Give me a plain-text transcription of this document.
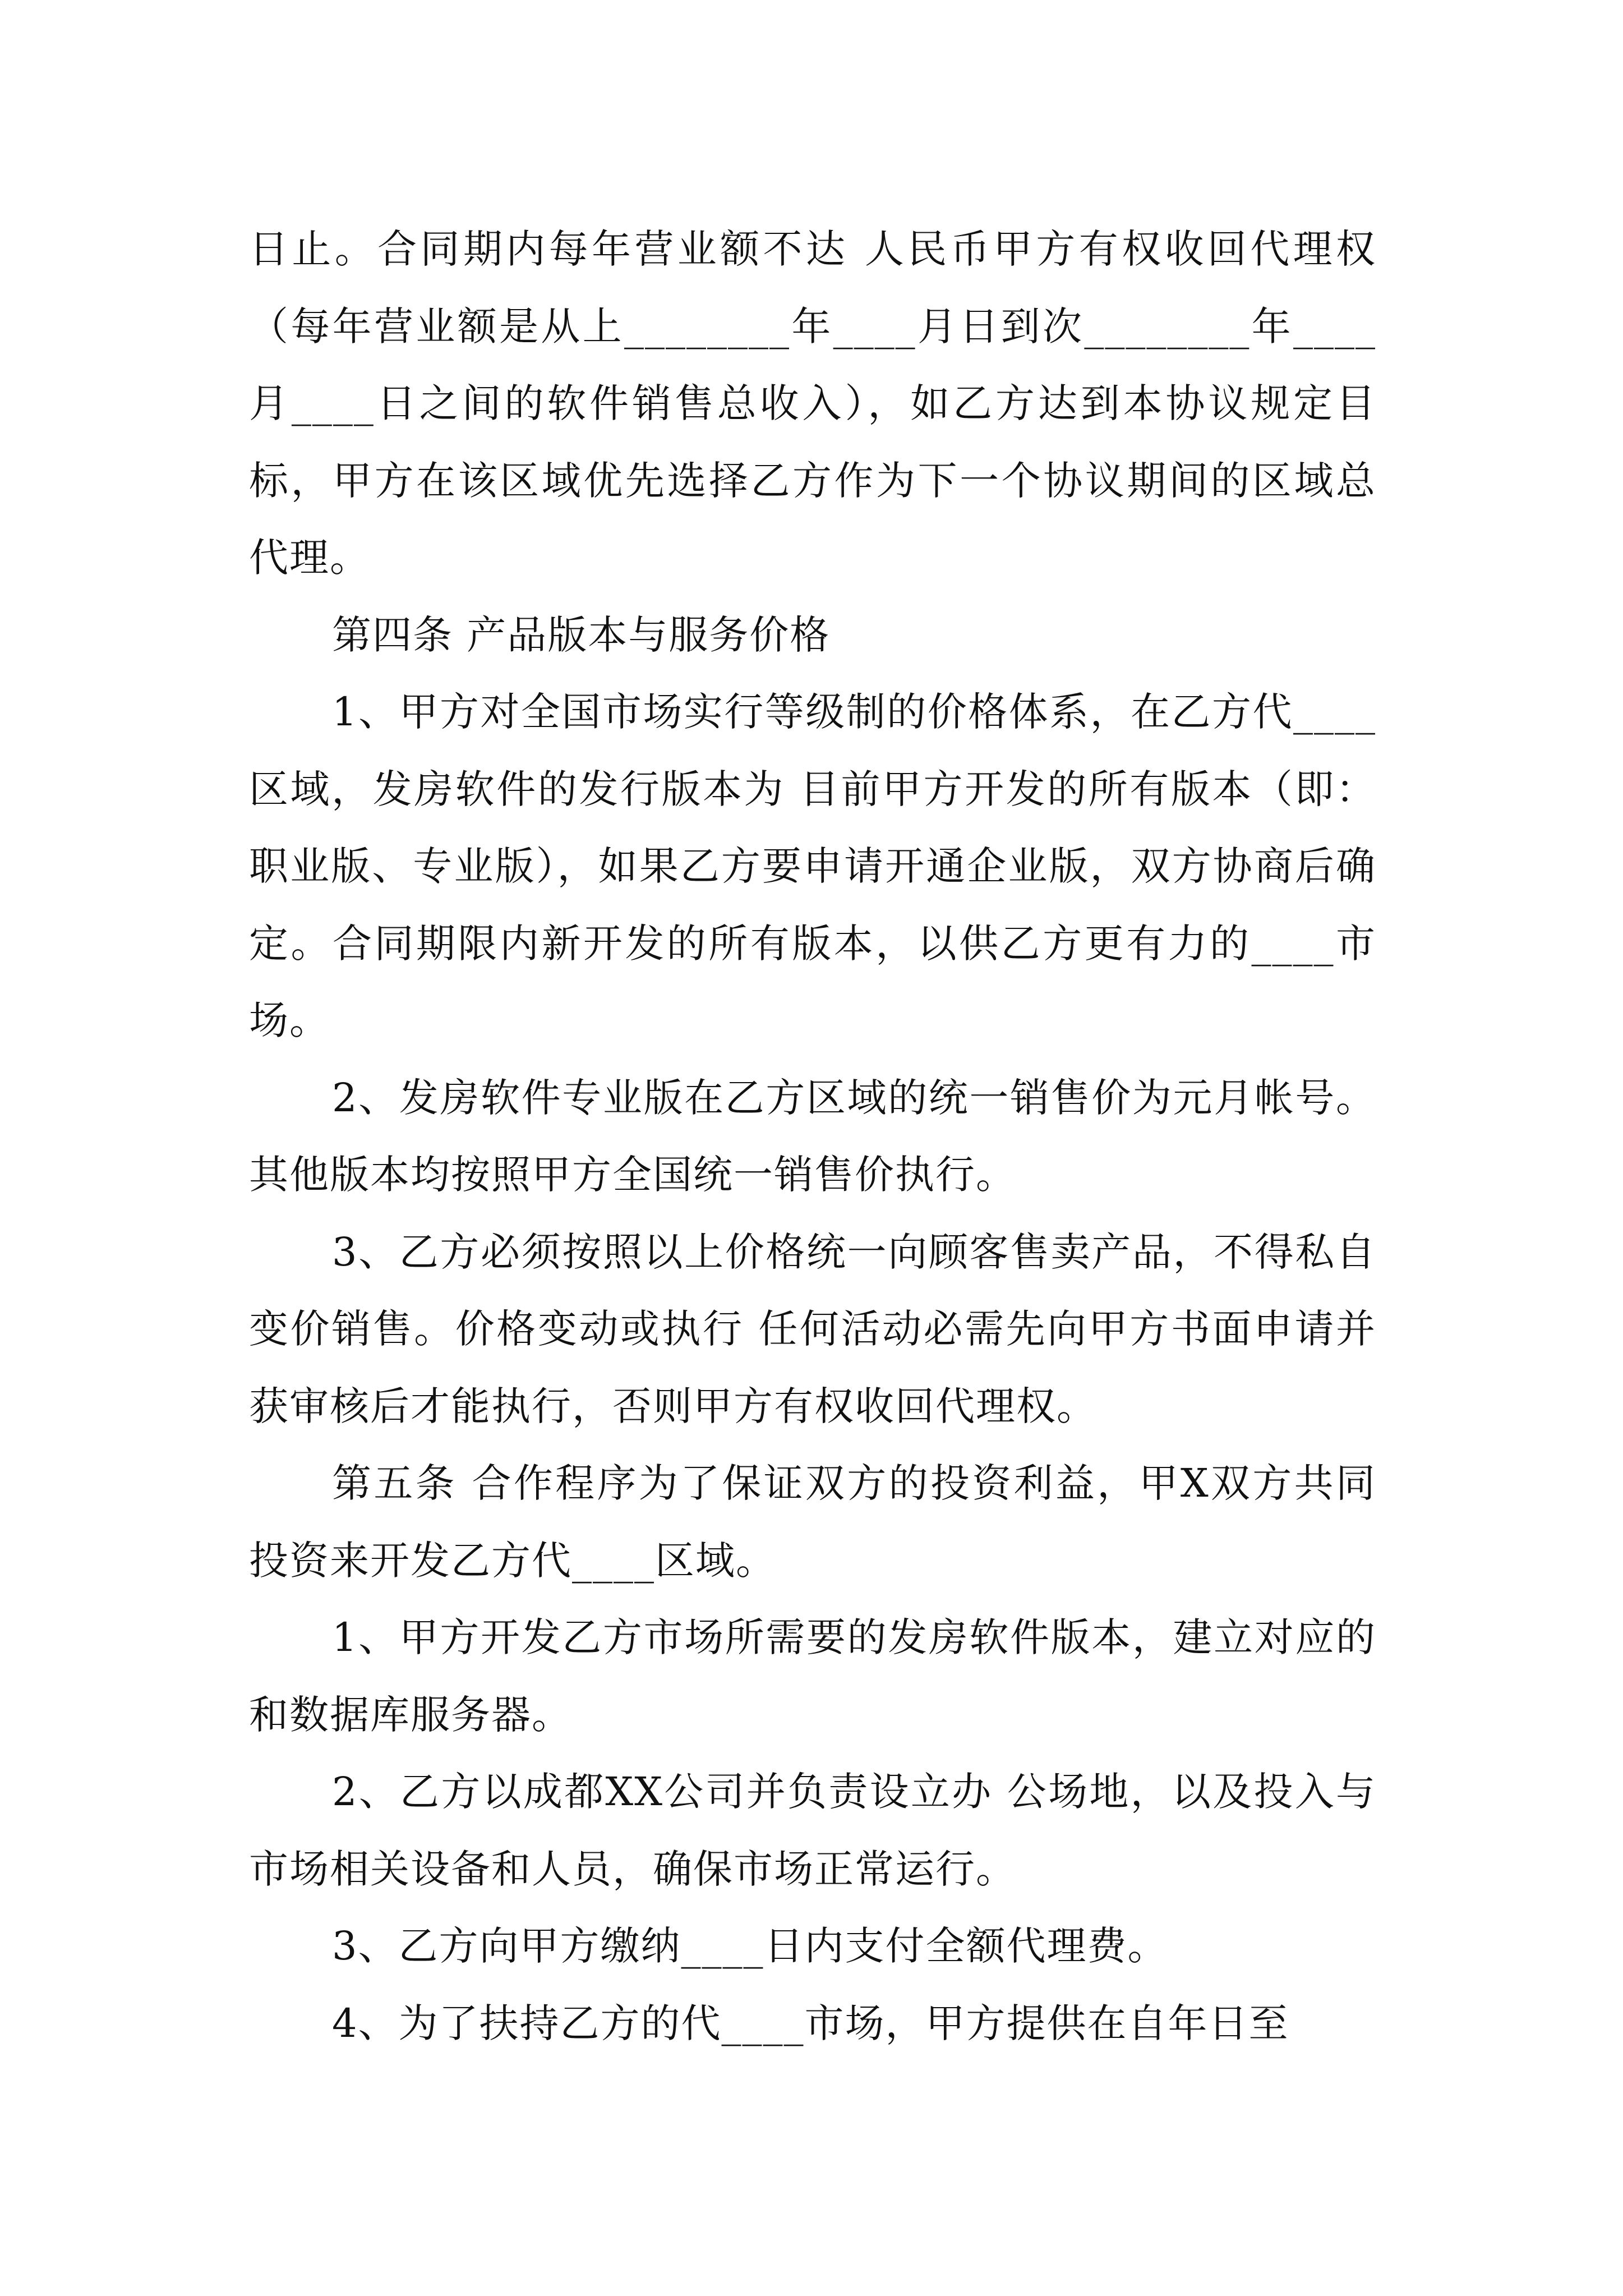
日止。合同期内每年营业额不达 人民币甲方有权收回代理权（每年营业额是从上________年____月日到次________年____月____日之间的软件销售总收入），如乙方达到本协议规定目标，甲方在该区域优先选择乙方作为下一个协议期间的区域总代理。

第四条 产品版本与服务价格

1、甲方对全国市场实行等级制的价格体系，在乙方代____区域，发房软件的发行版本为 目前甲方开发的所有版本（即：职业版、专业版），如果乙方要申请开通企业版，双方协商后确定。合同期限内新开发的所有版本，以供乙方更有力的____市场。

2、发房软件专业版在乙方区域的统一销售价为元月帐号。其他版本均按照甲方全国统一销售价执行。

3、乙方必须按照以上价格统一向顾客售卖产品，不得私自变价销售。价格变动或执行 任何活动必需先向甲方书面申请并获审核后才能执行，否则甲方有权收回代理权。

第五条 合作程序为了保证双方的投资利益，甲X双方共同投资来开发乙方代____区域。

1、甲方开发乙方市场所需要的发房软件版本，建立对应的和数据库服务器。

2、乙方以成都XX公司并负责设立办 公场地，以及投入与市场相关设备和人员，确保市场正常运行。

3、乙方向甲方缴纳____日内支付全额代理费。

4、为了扶持乙方的代____市场，甲方提供在自年日至
